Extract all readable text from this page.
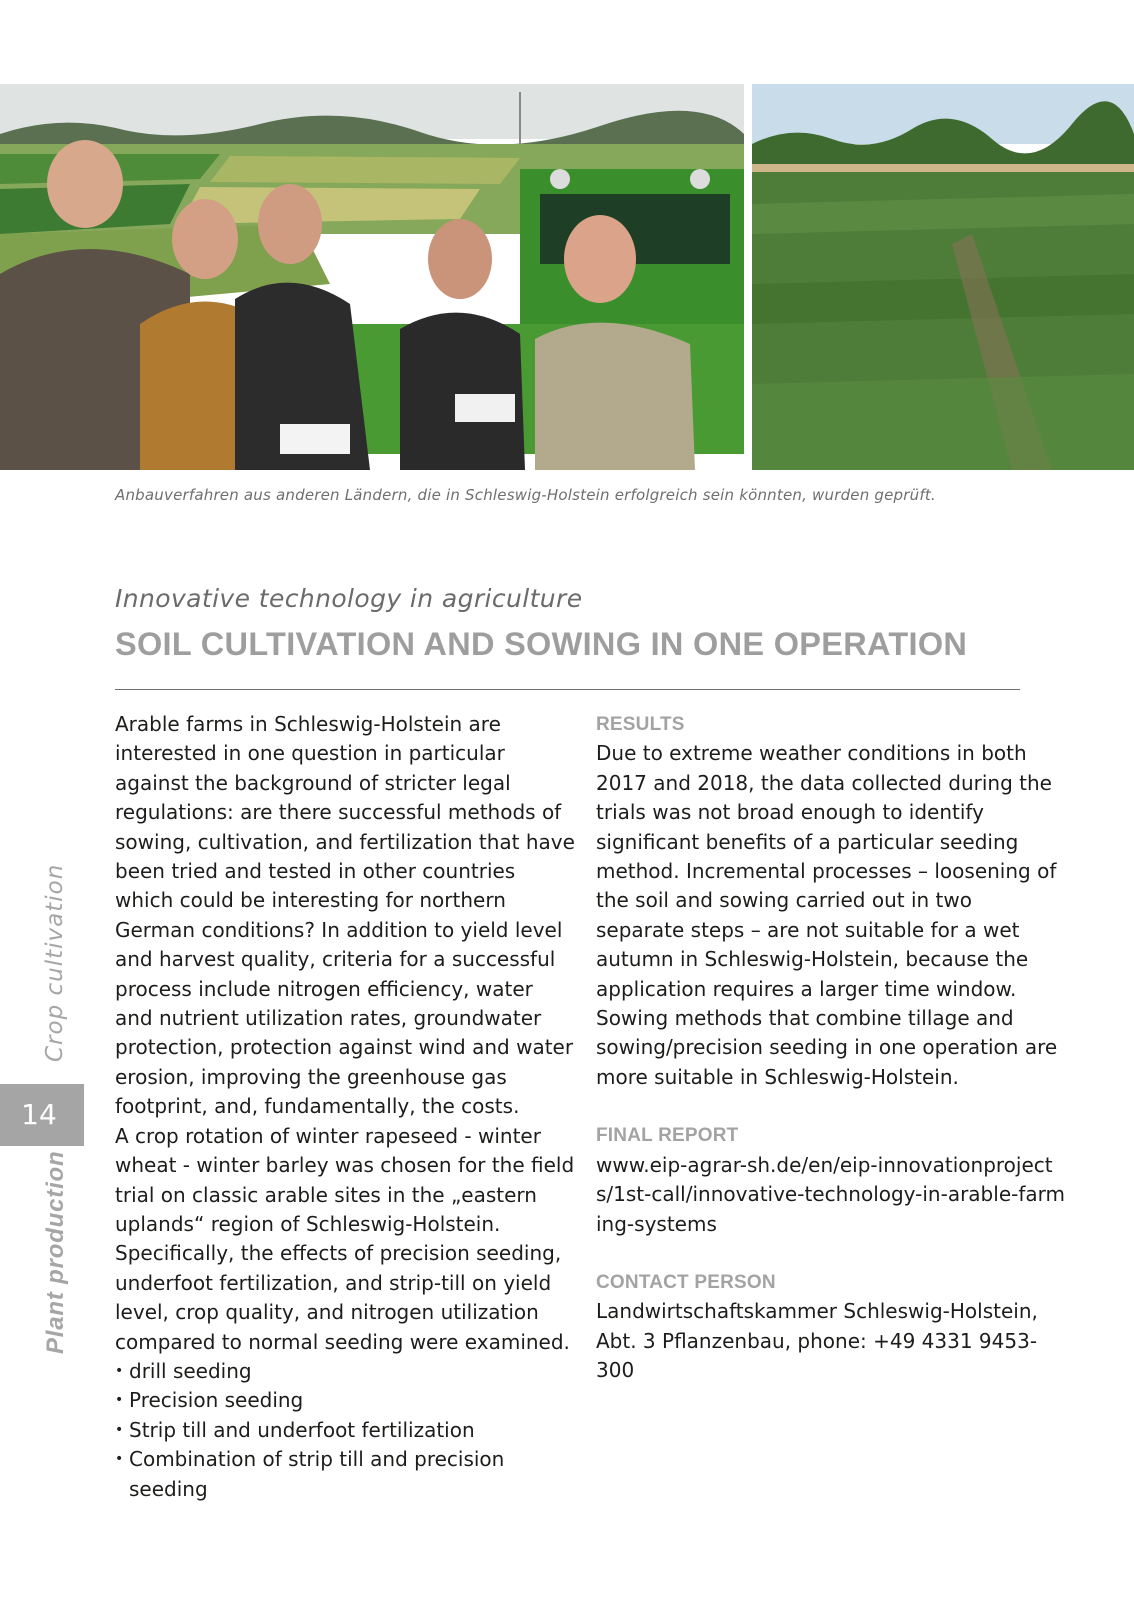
Anbauverfahren aus anderen Ländern, die in Schleswig-Holstein erfolgreich sein könnten, wurden geprüft.
Innovative technology in agriculture
SOIL CULTIVATION AND SOWING IN ONE OPERATION

Arable farms in Schleswig-Holstein are interested in one question in particular against the background of stricter legal regulations: are there successful methods of sowing, cultivation, and fertilization that have been tried and tested in other countries which could be interesting for northern German conditions? In addition to yield level and harvest quality, criteria for a successful process include nitrogen efficiency, water and nutrient utilization rates, groundwater protection, protection against wind and water erosion, improving the greenhouse gas footprint, and, fundamentally, the costs.

A crop rotation of winter rapeseed - winter wheat - winter barley was chosen for the field trial on classic arable sites in the „eastern uplands“ region of Schleswig-Holstein. Specifically, the effects of precision seeding, underfoot fertilization, and strip-till on yield level, crop quality, and nitrogen utilization compared to normal seeding were examined.

• drill seeding
• Precision seeding
• Strip till and underfoot fertilization
• Combination of strip till and precision seeding
RESULTS

Due to extreme weather conditions in both 2017 and 2018, the data collected during the trials was not broad enough to identify significant benefits of a particular seeding method. Incremental processes – loosening of the soil and sowing carried out in two separate steps – are not suitable for a wet autumn in Schleswig-Holstein, because the application requires a larger time window. Sowing methods that combine tillage and sowing/precision seeding in one operation are more suitable in Schleswig-Holstein.

FINAL REPORT

www.eip-agrar-sh.de/en/eip-innovationprojects/1st-call/innovative-technology-in-arable-farming-systems

CONTACT PERSON

Landwirtschaftskammer Schleswig-Holstein,

Abt. 3 Pflanzenbau, phone: +49 4331 9453-300

Crop cultivation
14
Plant production
